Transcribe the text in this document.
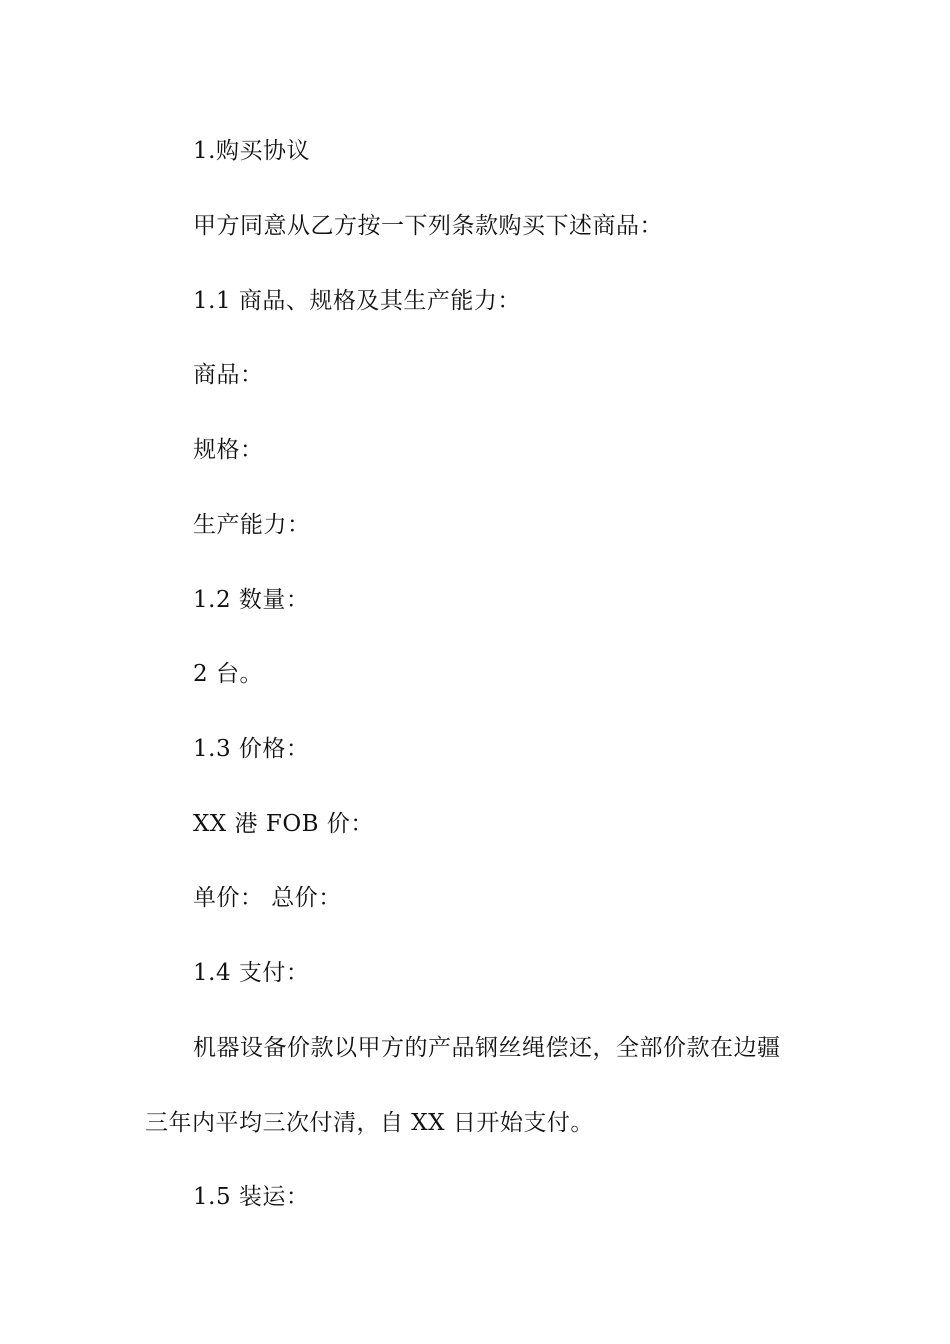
1.购买协议
甲方同意从乙方按一下列条款购买下述商品：
1.1 商品、规格及其生产能力：
商品：
规格：
生产能力：
1.2 数量：
2 台。
1.3 价格：
XX 港 FOB 价：
单价： 总价：
1.4 支付：
机器设备价款以甲方的产品钢丝绳偿还，全部价款在边疆
三年内平均三次付清，自 XX 日开始支付。
1.5 装运：
